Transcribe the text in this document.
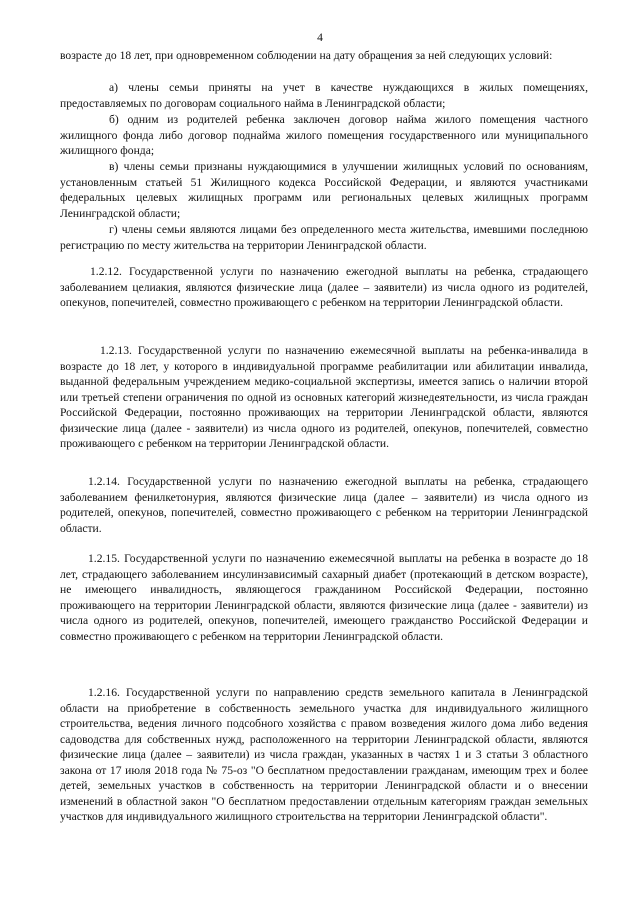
4

возрасте до 18 лет, при одновременном соблюдении на дату обращения за ней следующих условий:

а) члены семьи приняты на учет в качестве нуждающихся в жилых помещениях, предоставляемых по договорам социального найма в Ленинградской области;

б) одним из родителей ребенка заключен договор найма жилого помещения частного жилищного фонда либо договор поднайма жилого помещения государственного или муниципального жилищного фонда;

в) члены семьи признаны нуждающимися в улучшении жилищных условий по основаниям, установленным статьей 51 Жилищного кодекса Российской Федерации, и являются участниками федеральных целевых жилищных программ или региональных целевых жилищных программ Ленинградской области;

г) члены семьи являются лицами без определенного места жительства, имевшими последнюю регистрацию по месту жительства на территории Ленинградской области.

1.2.12. Государственной услуги по назначению ежегодной выплаты на ребенка, страдающего заболеванием целиакия, являются физические лица (далее – заявители) из числа одного из родителей, опекунов, попечителей, совместно проживающего с ребенком на территории Ленинградской области.

1.2.13. Государственной услуги по назначению ежемесячной выплаты на ребенка-инвалида в возрасте до 18 лет, у которого в индивидуальной программе реабилитации или абилитации инвалида, выданной федеральным учреждением медико-социальной экспертизы, имеется запись о наличии второй или третьей степени ограничения по одной из основных категорий жизнедеятельности, из числа граждан Российской Федерации, постоянно проживающих на территории Ленинградской области, являются физические лица (далее - заявители) из числа одного из родителей, опекунов, попечителей, совместно проживающего с ребенком на территории Ленинградской области.

1.2.14. Государственной услуги по назначению ежегодной выплаты на ребенка, страдающего заболеванием фенилкетонурия, являются физические лица (далее – заявители) из числа одного из родителей, опекунов, попечителей, совместно проживающего с ребенком на территории Ленинградской области.

1.2.15. Государственной услуги по назначению ежемесячной выплаты на ребенка в возрасте до 18 лет, страдающего заболеванием инсулинзависимый сахарный диабет (протекающий в детском возрасте), не имеющего инвалидность, являющегося гражданином Российской Федерации, постоянно проживающего на территории Ленинградской области, являются физические лица (далее - заявители) из числа одного из родителей, опекунов, попечителей, имеющего гражданство Российской Федерации и совместно проживающего с ребенком на территории Ленинградской области.

1.2.16. Государственной услуги по направлению средств земельного капитала в Ленинградской области на приобретение в собственность земельного участка для индивидуального жилищного строительства, ведения личного подсобного хозяйства с правом возведения жилого дома либо ведения садоводства для собственных нужд, расположенного на территории Ленинградской области, являются физические лица (далее – заявители) из числа граждан, указанных в частях 1 и 3 статьи 3 областного закона от 17 июля 2018 года № 75-оз "О бесплатном предоставлении гражданам, имеющим трех и более детей, земельных участков в собственность на территории Ленинградской области и о внесении изменений в областной закон "О бесплатном предоставлении отдельным категориям граждан земельных участков для индивидуального жилищного строительства на территории Ленинградской области".
